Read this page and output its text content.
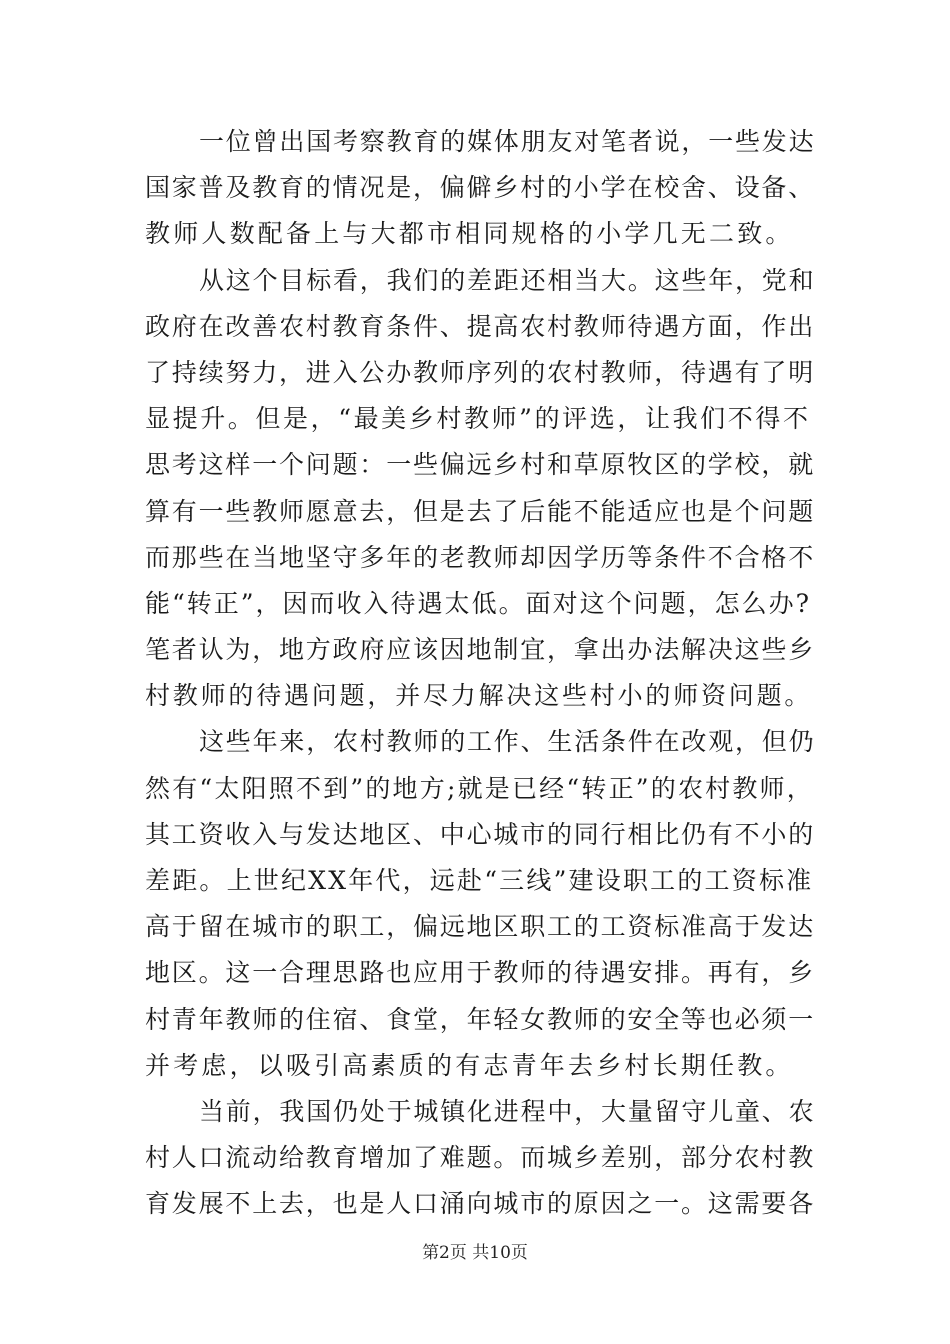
一位曾出国考察教育的媒体朋友对笔者说，一些发达
国家普及教育的情况是，偏僻乡村的小学在校舍、设备、
教师人数配备上与大都市相同规格的小学几无二致。
从这个目标看，我们的差距还相当大。这些年，党和
政府在改善农村教育条件、提高农村教师待遇方面，作出
了持续努力，进入公办教师序列的农村教师，待遇有了明
显提升。但是，“最美乡村教师”的评选，让我们不得不
思考这样一个问题：一些偏远乡村和草原牧区的学校，就
算有一些教师愿意去，但是去了后能不能适应也是个问题
而那些在当地坚守多年的老教师却因学历等条件不合格不
能“转正”，因而收入待遇太低。面对这个问题，怎么办?
笔者认为，地方政府应该因地制宜，拿出办法解决这些乡
村教师的待遇问题，并尽力解决这些村小的师资问题。
这些年来，农村教师的工作、生活条件在改观，但仍
然有“太阳照不到”的地方;就是已经“转正”的农村教师，
其工资收入与发达地区、中心城市的同行相比仍有不小的
差距。上世纪XX年代，远赴“三线”建设职工的工资标准
高于留在城市的职工，偏远地区职工的工资标准高于发达
地区。这一合理思路也应用于教师的待遇安排。再有，乡
村青年教师的住宿、食堂，年轻女教师的安全等也必须一
并考虑，以吸引高素质的有志青年去乡村长期任教。
当前，我国仍处于城镇化进程中，大量留守儿童、农
村人口流动给教育增加了难题。而城乡差别，部分农村教
育发展不上去，也是人口涌向城市的原因之一。这需要各
第2页 共10页
